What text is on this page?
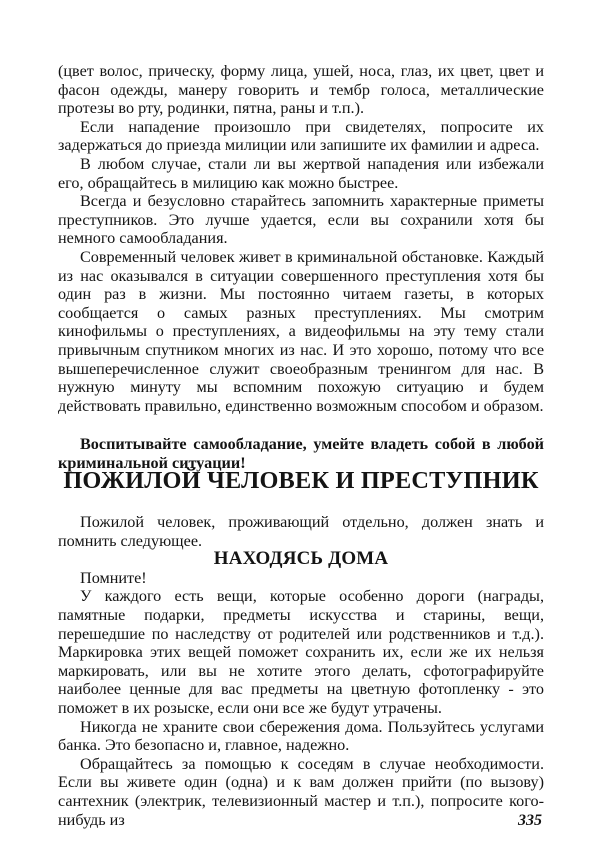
(цвет волос, прическу, форму лица, ушей, носа, глаз, их цвет, цвет и фасон одежды, манеру говорить и тембр голоса, металлические протезы во рту, родинки, пятна, раны и т.п.).

Если нападение произошло при свидетелях, попросите их задержаться до приезда милиции или запишите их фамилии и адреса.

В любом случае, стали ли вы жертвой нападения или избежали его, обращайтесь в милицию как можно быстрее.

Всегда и безусловно старайтесь запомнить характерные приметы преступников. Это лучше удается, если вы сохранили хотя бы немного самообладания.

Современный человек живет в криминальной обстановке. Каждый из нас оказывался в ситуации совершенного преступления хотя бы один раз в жизни. Мы постоянно читаем газеты, в которых сообщается о самых разных преступлениях. Мы смотрим кинофильмы о преступлениях, а видеофильмы на эту тему стали привычным спутником многих из нас. И это хорошо, потому что все вышеперечисленное служит своеобразным тренингом для нас. В нужную минуту мы вспомним похожую ситуацию и будем действовать правильно, единственно возможным способом и образом.

Воспитывайте самообладание, умейте владеть собой в любой криминальной ситуации!

ПОЖИЛОЙ ЧЕЛОВЕК И ПРЕСТУПНИК

Пожилой человек, проживающий отдельно, должен знать и помнить следующее.

НАХОДЯСЬ ДОМА

Помните!

У каждого есть вещи, которые особенно дороги (награды, памятные подарки, предметы искусства и старины, вещи, перешедшие по наследству от родителей или родственников и т.д.). Маркировка этих вещей поможет сохранить их, если же их нельзя маркировать, или вы не хотите этого делать, сфотографируйте наиболее ценные для вас предметы на цветную фотопленку - это поможет в их розыске, если они все же будут утрачены.

Никогда не храните свои сбережения дома. Пользуйтесь услугами банка. Это безопасно и, главное, надежно.

Обращайтесь за помощью к соседям в случае необходимости. Если вы живете один (одна) и к вам должен прийти (по вызову) сантехник (электрик, телевизионный мастер и т.п.), попросите кого-нибудь из	335
